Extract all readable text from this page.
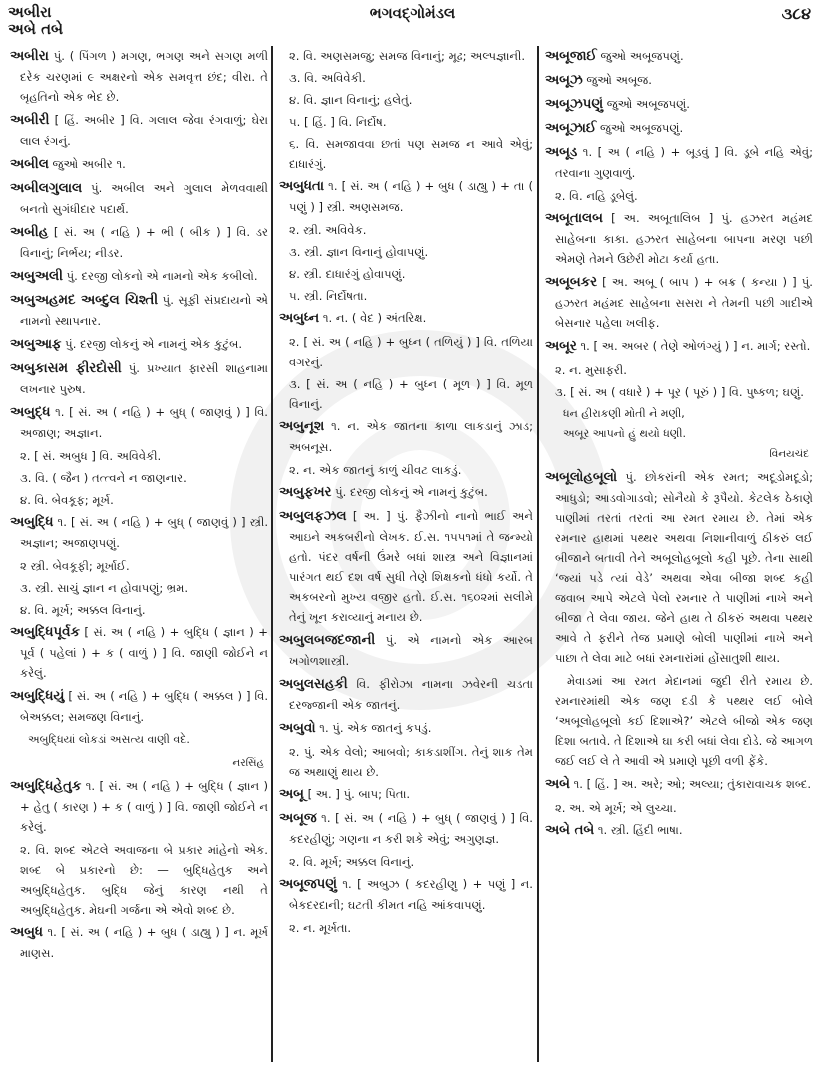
અબીરા
અબે તબે
ભગવદ્ગોમંડલ	૩૮૪

અબીરા પું. ( પિંગળ ) મગણ, ભગણ અને સગણ મળી દરેક ચરણમાં ૯ અક્ષરનો એક સમવૃત્ત છંદ; વીરા. તે બૃહતિનો એક ભેદ છે.

અબીરી [ હિં. અબીર ] વિ. ગલાલ જેવા રંગવાળું; ઘેરા લાલ રંગનું.

અબીલ જુઓ અબીર ૧.

અબીલગુલાલ પું. અબીલ અને ગુલાલ મેળવવાથી બનતો સુગંધીદાર પદાર્થ.

અબીહ [ સં. અ ( નહિ ) + ભી ( બીક ) ] વિ. ડર વિનાનું; નિર્ભય; નીડર.

અબુઅલી પું. દરજી લોકનો એ નામનો એક કબીલો.

અબુઅહમદ અબ્દુલ ચિશ્તી પું. સૂફી સંપ્રદાયનો એ નામનો સ્થાપનાર.

અબુઆફ પું. દરજી લોકનું એ નામનું એક કુટુંબ.

અબુકાસમ ફીરદોસી પું. પ્રખ્યાત ફારસી શાહનામા લખનાર પુરુષ.

અબુદ્ધ ૧. [ સં. અ ( નહિ ) + બુધ્ ( જાણવું ) ] વિ. અજાણ; અજ્ઞાન.

૨. [ સં. અબુધ ] વિ. અવિવેકી.

૩. વિ. ( જૈન ) તત્ત્વને ન જાણનાર.

૪. વિ. બેવકૂફ; મૂર્ખ.

અબુદ્ધિ ૧. [ સં. અ ( નહિ ) + બુધ્ ( જાણવું ) ] સ્ત્રી. અજ્ઞાન; અજાણપણું.

૨ સ્ત્રી. બેવકૂફી; મૂર્ખાઈ.

૩. સ્ત્રી. સાચું જ્ઞાન ન હોવાપણું; ભ્રમ.

૪. વિ. મૂર્ખ; અક્કલ વિનાનું.

અબુદ્ધિપૂર્વક [ સં. અ ( નહિ ) + બુદ્ધિ ( જ્ઞાન ) + પૂર્વ ( પહેલાં ) + ક ( વાળું ) ] વિ. જાણી જોઈને ન કરેલું.

અબુદ્ધિયું [ સં. અ ( નહિ ) + બુદ્ધિ ( અક્કલ ) ] વિ. બેઅક્કલ; સમજણ વિનાનું.

અબુદ્ધિયાં લોકડાં અસત્ય વાણી વદે.

નરસિંહ

અબુદ્ધિહેતુક ૧. [ સં. અ ( નહિ ) + બુદ્ધિ ( જ્ઞાન ) + હેતુ ( કારણ ) + ક ( વાળું ) ] વિ. જાણી જોઈને ન કરેલું.

૨. વિ. શબ્દ એટલે અવાજના બે પ્રકાર માંહેનો એક. શબ્દ બે પ્રકારનો છે: — બુદ્ધિહેતુક અને અબુદ્ધિહેતુક. બુદ્ધિ જેનું કારણ નથી તે અબુદ્ધિહેતુક. મેઘની ગર્જના એ એવો શબ્દ છે.

અબુધ ૧. [ સં. અ ( નહિ ) + બુધ ( ડાહ્યુ ) ] ન. મૂર્ખ માણસ.

૨. વિ. અણસમજુ; સમજ વિનાનું; મૂઢ; અલ્પજ્ઞાની.

૩. વિ. અવિવેકી.

૪. વિ. જ્ઞાન વિનાનું; હલેતું.

૫. [ હિં. ] વિ. નિર્દોષ.

૬. વિ. સમજાવવા છતાં પણ સમજ ન આવે એવું; દાધારંગું.

અબુધતા ૧. [ સં. અ ( નહિ ) + બુધ ( ડાહ્યુ ) + તા ( પણું ) ] સ્ત્રી. અણસમજ.

૨. સ્ત્રી. અવિવેક.

૩. સ્ત્રી. જ્ઞાન વિનાનું હોવાપણું.

૪. સ્ત્રી. દાધારંગું હોવાપણું.

૫. સ્ત્રી. નિર્દોષતા.

અબુધ્ન ૧. ન. ( વેદ ) અંતરિક્ષ.

૨. [ સં. અ ( નહિ ) + બુધ્ન ( તળિયું ) ] વિ. તળિયા વગરનું.

૩. [ સં. અ ( નહિ ) + બુધ્ન ( મૂળ ) ] વિ. મૂળ વિનાનું.

અબુનૂશ ૧. ન. એક જાતના કાળા લાકડાનું ઝાડ; અબનૂસ.

૨. ન. એક જાતનું કાળું ચીવટ લાકડું.

અબુફખર પું. દરજી લોકનું એ નામનું કુટુંબ.

અબુલફઝલ [ અ. ] પું. ફૈઝીનો નાનો ભાઈ અને આઇને અકબરીનો લેખક. ઈ.સ. ૧૫૫૧માં તે જન્મ્યો હતો. પંદર વર્ષની ઉંમરે બધાં શાસ્ત્ર અને વિજ્ઞાનમાં પારંગત થઈ દશ વર્ષ સુધી તેણે શિક્ષકનો ધંધો કર્યો. તે અકબરનો મુખ્ય વજીર હતો. ઈ.સ. ૧૬૦૨માં સલીમે તેનું ખૂન કરાવ્યાનું મનાય છે.

અબુલબજદજાની પું. એ નામનો એક આરબ ખગોળશાસ્ત્રી.

અબુલસહકી વિ. ફીરોઝા નામના ઝવેરની ચડતા દરજ્જાની એક જાતનું.

અબુવો ૧. પું. એક જાતનું કપડું.

૨. પું. એક વેલો; આબવો; કાકડાશીંગ. તેનું શાક તેમ જ અથાણું થાય છે.

અબૂ [ અ. ] પું. બાપ; પિતા.

અબૂજ ૧. [ સં. અ ( નહિ ) + બુધ્ ( જાણવું ) ] વિ. કદરહીણું; ગણના ન કરી શકે એવું; અગુણજ્ઞ.

૨. વિ. મૂર્ખ; અક્કલ વિનાનું.

અબૂજપણું ૧. [ અબુઝ ( કદરહીણુ ) + પણું ] ન. બેકદરદાની; ઘટતી કીમત નહિ આંકવાપણું.

૨. ન. મૂર્ખતા.

અબૂજાઈ જુઓ અબૂજપણું.

અબૂઝ જુઓ અબૂજ.

અબૂઝપણું જુઓ અબૂજપણું.

અબૂઝાઈ જુઓ અબૂજપણું.

અબૂડ ૧. [ અ ( નહિ ) + બૂડવું ] વિ. ડૂબે નહિ એવું; તરવાના ગુણવાળું.

૨. વિ. નહિ ડૂબેલું.

અબૂતાલબ [ અ. અબૂતાલિબ ] પું. હઝરત મહંમદ સાહેબના કાકા. હઝરત સાહેબના બાપના મરણ પછી એમણે તેમને ઉછેરી મોટા કર્યા હતા.

અબૂબકર [ અ. અબૂ ( બાપ ) + બક્ર ( કન્યા ) ] પું. હઝરત મહંમદ સાહેબના સસરા ને તેમની પછી ગાદીએ બેસનાર પહેલા ખલીફ.

અબૂર ૧. [ અ. અબર ( તેણે ઓળંગ્યું ) ] ન. માર્ગ; રસ્તો.

૨. ન. મુસાફરી.

૩. [ સં. અ ( વધારે ) + પૂર ( પૂરું ) ] વિ. પુષ્કળ; ઘણું.

ધન હીરાકણી મોતી ને મણી,

અબૂર આપનો હું થયો ધણી.

વિનયચંદ

અબૂલોહબૂલો પું. છોકરાંની એક રમત; અદૂડોમદૂડો; આધુડો; આડવોગાડવો; સોનૈયો કે રૂપૈયો. કેટલેક ઠેકાણે પાણીમાં તરતાં તરતાં આ રમત રમાય છે. તેમાં એક રમનાર હાથમાં પથ્થર અથવા નિશાનીવાળું ઠીકરું લઈ બીજાને બતાવી તેને અબૂલોહબૂલો કહી પૂછે. તેના સાથી ‘જ્યાં પડે ત્યાં વેડે’ અથવા એવા બીજા શબ્દ કહી જવાબ આપે એટલે પેલો રમનાર તે પાણીમાં નાખે અને બીજા તે લેવા જાય. જેને હાથ તે ઠીકરું અથવા પથ્થર આવે તે ફરીને તેજ પ્રમાણે બોલી પાણીમાં નાખે અને પાછા તે લેવા માટે બધાં રમનારાંમાં હોંસાતુશી થાય.

મેવાડમાં આ રમત મેદાનમાં જુદી રીતે રમાય છે. રમનારમાંથી એક જણ દડી કે પથ્થર લઈ બોલે ‘અબૂલોહબૂલો કઈ દિશાએ?’ એટલે બીજો એક જણ દિશા બતાવે. તે દિશાએ ઘા કરી બધાં લેવા દોડે. જે આગળ જઈ લઈ લે તે આવી એ પ્રમાણે પૂછી વળી ફેંકે.

અબે ૧. [ હિં. ] અ. અરે; ઓ; અલ્યા; તુંકારાવાચક શબ્દ.

૨. અ. એ મૂર્ખ; એ લુચ્ચા.

અબે તબે ૧. સ્ત્રી. હિંદી ભાષા.
